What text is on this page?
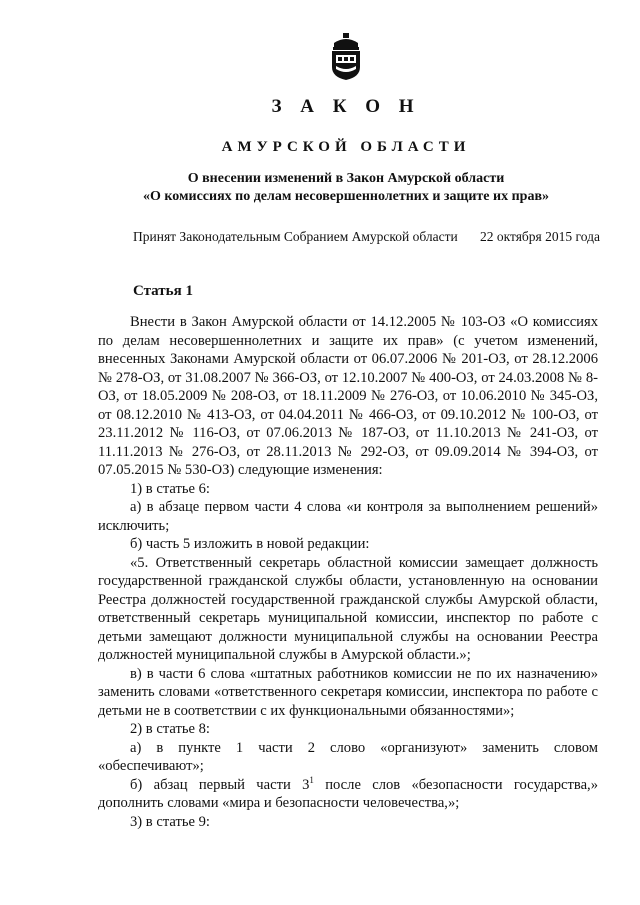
З А К О Н
АМУРСКОЙ ОБЛАСТИ
О внесении изменений в Закон Амурской области
«О комиссиях по делам несовершеннолетних и защите их прав»
Принят Законодательным Собранием Амурской области 22 октября 2015 года
Статья 1

Внести в Закон Амурской области от 14.12.2005 № 103-ОЗ «О комиссиях по делам несовершеннолетних и защите их прав» (с учетом изменений, внесенных Законами Амурской области от 06.07.2006 № 201-ОЗ, от 28.12.2006 № 278-ОЗ, от 31.08.2007 № 366-ОЗ, от 12.10.2007 № 400-ОЗ, от 24.03.2008 № 8-ОЗ, от 18.05.2009 № 208-ОЗ, от 18.11.2009 № 276-ОЗ, от 10.06.2010 № 345-ОЗ, от 08.12.2010 № 413-ОЗ, от 04.04.2011 № 466-ОЗ, от 09.10.2012 № 100-ОЗ, от 23.11.2012 № 116-ОЗ, от 07.06.2013 № 187-ОЗ, от 11.10.2013 № 241-ОЗ, от 11.11.2013 № 276-ОЗ, от 28.11.2013 № 292-ОЗ, от 09.09.2014 № 394-ОЗ, от 07.05.2015 № 530-ОЗ) следующие изменения:

1) в статье 6:

а) в абзаце первом части 4 слова «и контроля за выполнением решений» исключить;

б) часть 5 изложить в новой редакции:

«5. Ответственный секретарь областной комиссии замещает должность государственной гражданской службы области, установленную на основании Реестра должностей государственной гражданской службы Амурской области, ответственный секретарь муниципальной комиссии, инспектор по работе с детьми замещают должности муниципальной службы на основании Реестра должностей муниципальной службы в Амурской области.»;

в) в части 6 слова «штатных работников комиссии не по их назначению» заменить словами «ответственного секретаря комиссии, инспектора по работе с детьми не в соответствии с их функциональными обязанностями»;

2) в статье 8:

а) в пункте 1 части 2 слово «организуют» заменить словом «обеспечивают»;

б) абзац первый части $3^1$ после слов «безопасности государства,» дополнить словами «мира и безопасности человечества,»;

3) в статье 9:
